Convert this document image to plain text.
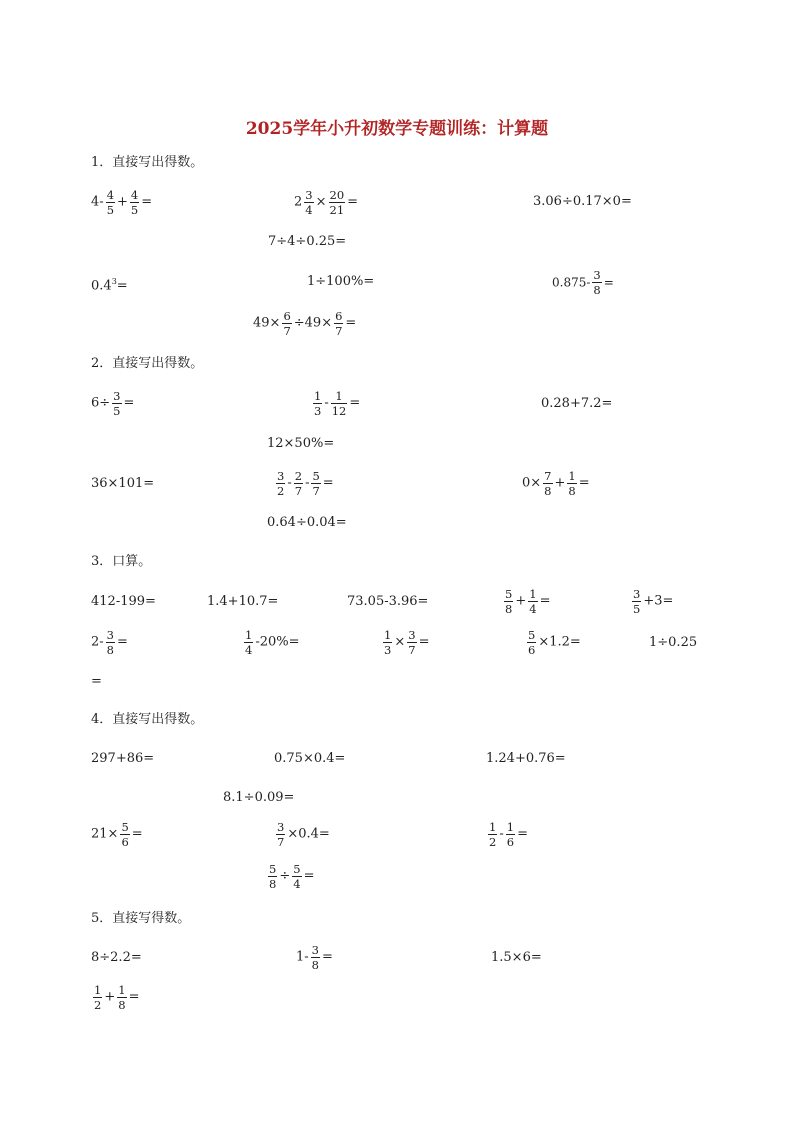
2025学年小升初数学专题训练：计算题
1．直接写出得数。
$4- \frac{4}{5} + \frac{4}{5}$ =	$2 \frac{3}{4} \times \frac{20}{21}$ =	3.06÷0.17×0=
7÷4÷0.25=
$0.4^3=$	1÷100%=	$0.875- \frac{3}{8}$ =
$49\times \frac{6}{7} \div 49\times \frac{6}{7}$ =
2．直接写出得数。
$6\div \frac{3}{5}$ =	$\frac{1}{3} - \frac{1}{12}$ =	0.28+7.2=
12×50%=
36×101=	$\frac{3}{2} - \frac{2}{7} - \frac{5}{7}$ =	$0\times \frac{7}{8} + \frac{1}{8}$ =
0.64÷0.04=
3．口算。
412-199=	1.4+10.7=	73.05-3.96=	$\frac{5}{8} + \frac{1}{4}$ =	$\frac{3}{5} +3=$
$2- \frac{3}{8}$ =	$\frac{1}{4} -20\%=$	$\frac{1}{3} \times \frac{3}{7}$ =	$\frac{5}{6} \times 1.2=$	1÷0.25
=
4．直接写出得数。
297+86=	0.75×0.4=	1.24+0.76=
8.1÷0.09=
$21\times \frac{5}{6}$ =	$\frac{3}{7} \times 0.4=$	$\frac{1}{2} - \frac{1}{6}$ =
$\frac{5}{8} \div \frac{5}{4}$ =
5．直接写得数。
8÷2.2=	$1- \frac{3}{8}$ =	1.5×6=
$\frac{1}{2} + \frac{1}{8}$ =
